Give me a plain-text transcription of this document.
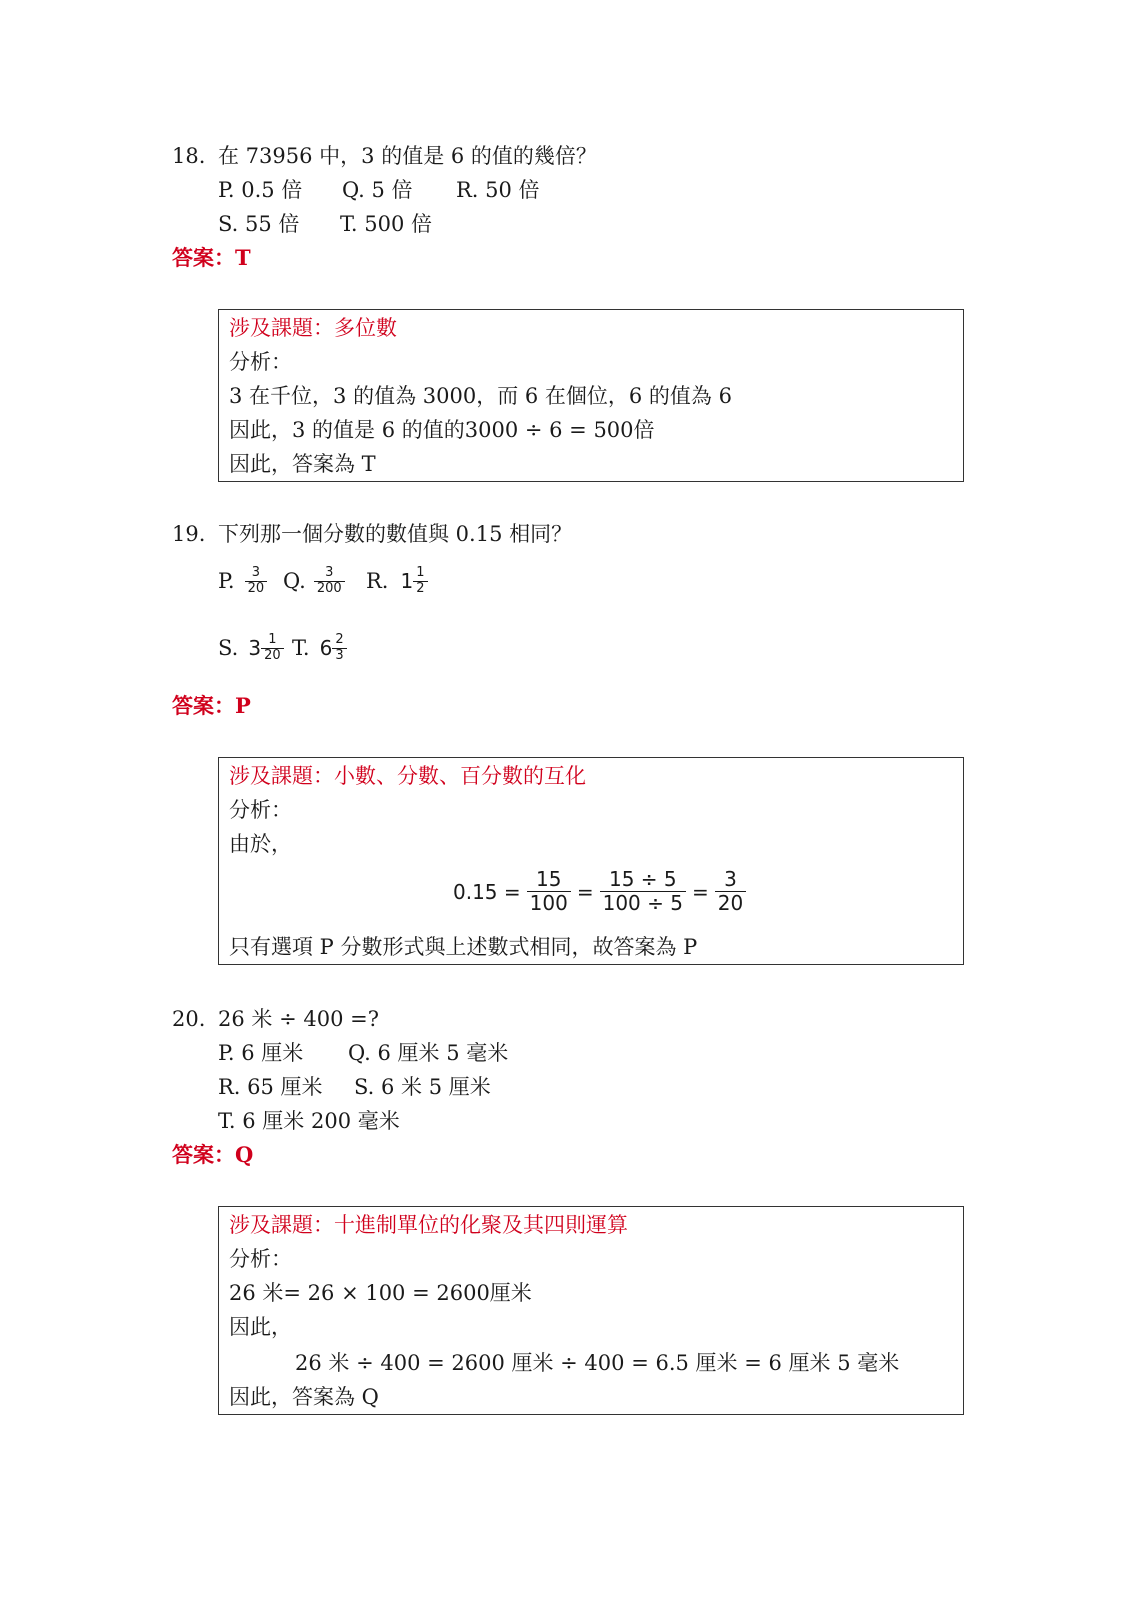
18. 在 73956 中，3 的值是 6 的值的幾倍？
P. 0.5 倍 Q. 5 倍 R. 50 倍
S. 55 倍 T. 500 倍
答案：T
涉及課題：多位數
分析：
3 在千位，3 的值為 3000，而 6 在個位，6 的值為 6
因此，3 的值是 6 的值的3000 ÷ 6 = 500倍
因此，答案為 T
19. 下列那一個分數的數值與 0.15 相同？
P. $\frac{3}{20} Q$. $\frac{3}{200} R$. $1 \frac{1}{2}$
S. $3 \frac{1}{20} T$. $6 \frac{2}{3}$
答案：P
涉及課題：小數、分數、百分數的互化
分析：
由於，
$0.15 = \frac{15}{100} = \frac{15 \div 5}{100 \div 5} = \frac{3}{20}$
只有選項 P 分數形式與上述數式相同，故答案為 P
20. 26 米 ÷ 400 =?
P. 6 厘米 Q. 6 厘米 5 毫米
R. 65 厘米 S. 6 米 5 厘米
T. 6 厘米 200 毫米
答案：Q
涉及課題：十進制單位的化聚及其四則運算
分析：
26 米= 26 × 100 = 2600厘米
因此，
26 米 ÷ 400 = 2600 厘米 ÷ 400 = 6.5 厘米 = 6 厘米 5 毫米
因此，答案為 Q
